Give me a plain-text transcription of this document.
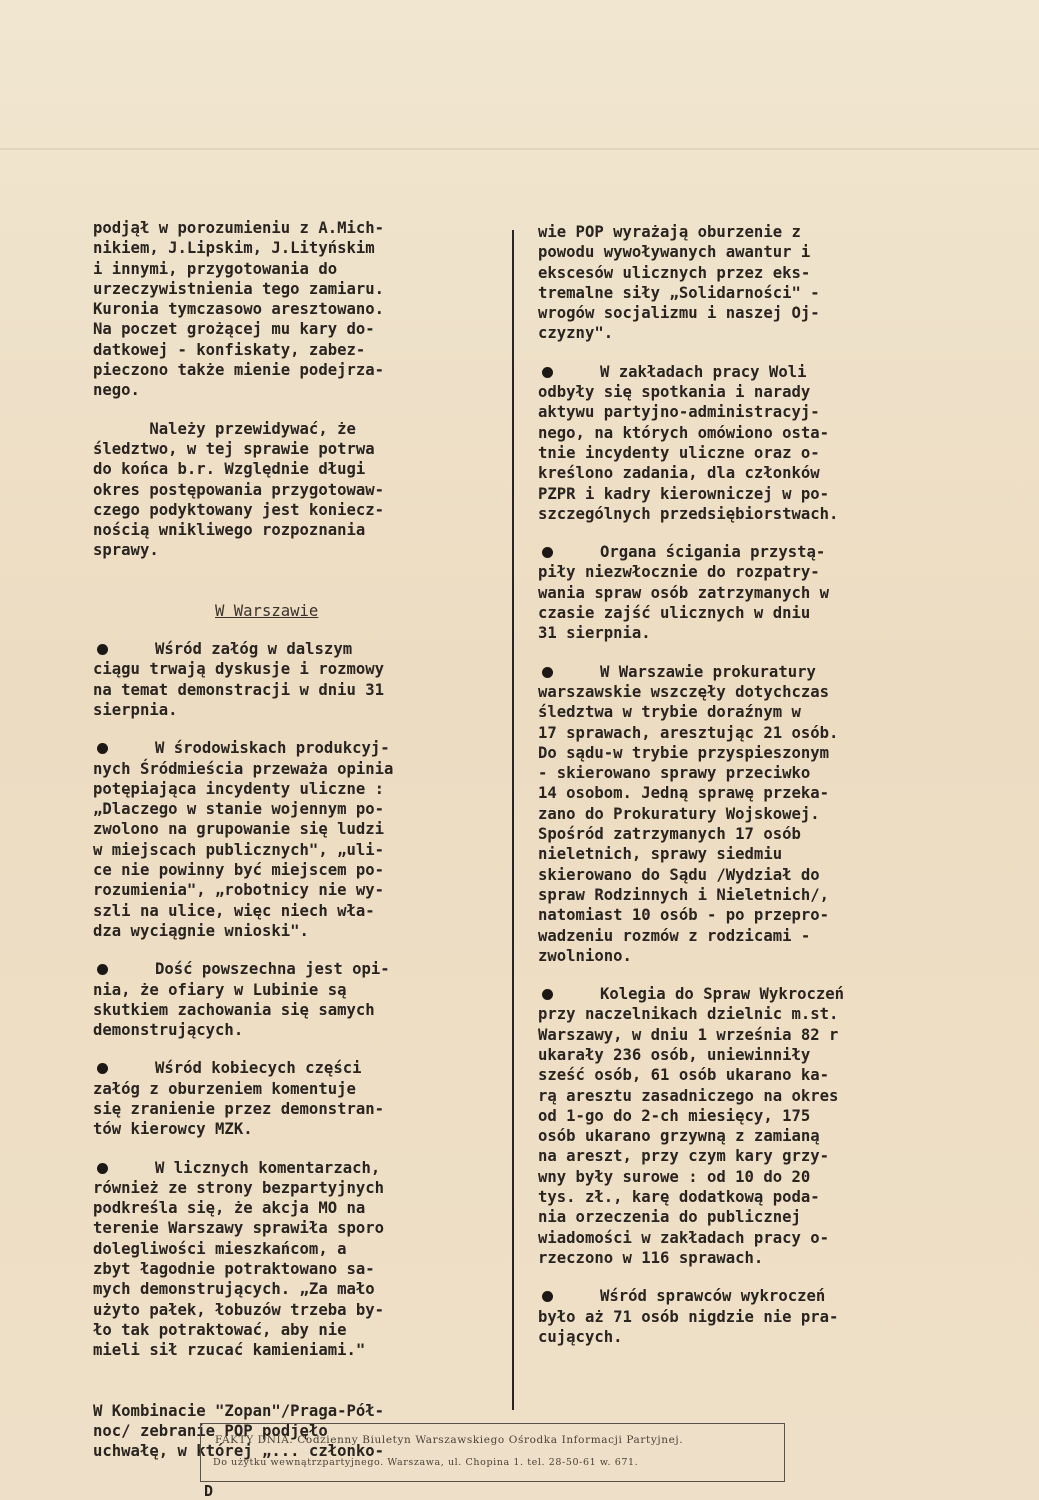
podjął w porozumieniu z A.Mich-

nikiem, J.Lipskim, J.Lityńskim

i innymi, przygotowania do

urzeczywistnienia tego zamiaru.

Kuronia tymczasowo aresztowano.

Na poczet grożącej mu kary do-

datkowej - konfiskaty, zabez-

pieczono także mienie podejrza-

nego.

Należy przewidywać, że

śledztwo, w tej sprawie potrwa

do końca b.r. Względnie długi

okres postępowania przygotowaw-

czego podyktowany jest koniecz-

nością wnikliwego rozpoznania

sprawy.

W Warszawie

Wśród załóg w dalszym

ciągu trwają dyskusje i rozmowy

na temat demonstracji w dniu 31

sierpnia.

W środowiskach produkcyj-

nych Śródmieścia przeważa opinia

potępiająca incydenty uliczne :

„Dlaczego w stanie wojennym po-

zwolono na grupowanie się ludzi

w miejscach publicznych", „uli-

ce nie powinny być miejscem po-

rozumienia", „robotnicy nie wy-

szli na ulice, więc niech wła-

dza wyciągnie wnioski".

Dość powszechna jest opi-

nia, że ofiary w Lubinie są

skutkiem zachowania się samych

demonstrujących.

Wśród kobiecych części

załóg z oburzeniem komentuje

się zranienie przez demonstran-

tów kierowcy MZK.

W licznych komentarzach,

również ze strony bezpartyjnych

podkreśla się, że akcja MO na

terenie Warszawy sprawiła sporo

dolegliwości mieszkańcom, a

zbyt łagodnie potraktowano sa-

mych demonstrujących. „Za mało

użyto pałek, łobuzów trzeba by-

ło tak potraktować, aby nie

mieli sił rzucać kamieniami."

W Kombinacie "Zopan"/Praga-Pół-

noc/ zebranie POP podjęło

uchwałę, w której „... członko-

wie POP wyrażają oburzenie z

powodu wywoływanych awantur i

ekscesów ulicznych przez eks-

tremalne siły „Solidarności" -

wrogów socjalizmu i naszej Oj-

czyzny".

W zakładach pracy Woli

odbyły się spotkania i narady

aktywu partyjno-administracyj-

nego, na których omówiono osta-

tnie incydenty uliczne oraz o-

kreślono zadania, dla członków

PZPR i kadry kierowniczej w po-

szczególnych przedsiębiorstwach.

Organa ścigania przystą-

piły niezwłocznie do rozpatry-

wania spraw osób zatrzymanych w

czasie zajść ulicznych w dniu

31 sierpnia.

W Warszawie prokuratury

warszawskie wszczęły dotychczas

śledztwa w trybie doraźnym w

17 sprawach, aresztując 21 osób.

Do sądu-w trybie przyspieszonym

- skierowano sprawy przeciwko

14 osobom. Jedną sprawę przeka-

zano do Prokuratury Wojskowej.

Spośród zatrzymanych 17 osób

nieletnich, sprawy siedmiu

skierowano do Sądu /Wydział do

spraw Rodzinnych i Nieletnich/,

natomiast 10 osób - po przepro-

wadzeniu rozmów z rodzicami -

zwolniono.

Kolegia do Spraw Wykroczeń

przy naczelnikach dzielnic m.st.

Warszawy, w dniu 1 września 82 r

ukarały 236 osób, uniewinniły

sześć osób, 61 osób ukarano ka-

rą aresztu zasadniczego na okres

od 1-go do 2-ch miesięcy, 175

osób ukarano grzywną z zamianą

na areszt, przy czym kary grzy-

wny były surowe : od 10 do 20

tys. zł., karę dodatkową poda-

nia orzeczenia do publicznej

wiadomości w zakładach pracy o-

rzeczono w 116 sprawach.

Wśród sprawców wykroczeń

było aż 71 osób nigdzie nie pra-

cujących.

FAKTY DNIA. Codzienny Biuletyn Warszawskiego Ośrodka Informacji Partyjnej.
Do użytku wewnątrzpartyjnego. Warszawa, ul. Chopina 1. tel. 28-50-61 w. 671.
D
